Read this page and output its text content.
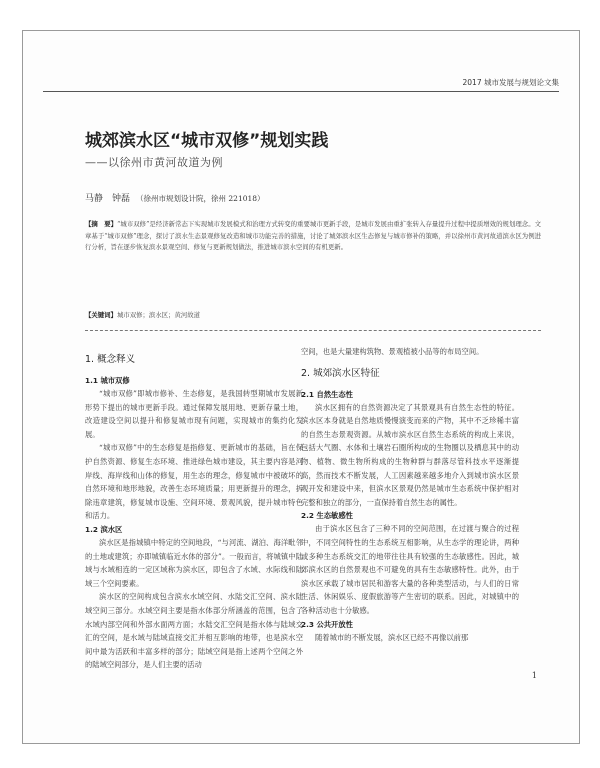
2017 城市发展与规划论文集
城郊滨水区“城市双修”规划实践
——以徐州市黄河故道为例
马静　钟磊 （徐州市规划设计院，徐州 221018）
【摘　要】“城市双修”是经济新常态下实现城市发展模式和治理方式转变的重要城市更新手段，是城市发展由重扩张转入存量提升过程中提质增效的规划理念。文章基于“城市双修”理念，探讨了滨水生态景观修复改造和城市功能完善的措施，讨论了城郊滨水区生态修复与城市修补的策略，并以徐州市黄河故道滨水区为例进行分析，旨在逐步恢复滨水景观空间、修复与更新规划做法，推进城市滨水空间的有机更新。
【关键词】城市双修；滨水区；黄河故道
1. 概念释义
1.1 城市双修

“城市双修”即城市修补、生态修复，是我国转型期城市发展新形势下提出的城市更新手段。通过保障发展用地、更新存量土地，改造建设空间以提升和修复城市现有问题，实现城市的集约化发展。

“城市双修”中的生态修复是指修复、更新城市的基础，旨在保护自然资源、修复生态环境、推进绿色城市建设，其主要内容是河岸线、海岸线和山体的修复，用生态的理念，修复城市中被破坏的自然环境和地形地貌，改善生态环境质量；用更新提升的理念，拆除违章建筑，修复城市设施、空间环境、景观风貌，提升城市特色和活力。

1.2 滨水区

滨水区是指城镇中特定的空间地段，“与河流、湖泊、海洋毗邻的土地或建筑；亦即城镇临近水体的部分”。一般而言，将城镇中陆域与水域相连的一定区域称为滨水区，即包含了水域、水际线和陆域三个空间要素。

滨水区的空间构成包含滨水水域空间、水陆交汇空间、滨水陆域空间三部分。水域空间主要是指水体部分所涵盖的范围，包含了水域内部空间和外部水面两方面；水陆交汇空间是指水体与陆域交汇的空间，是水域与陆域直接交汇并相互影响的地带，也是滨水空间中最为活跃和丰富多样的部分；陆域空间是指上述两个空间之外的陆域空间部分，是人们主要的活动

空间，也是大量建构筑物、景观植被小品等的布局空间。

2. 城郊滨水区特征
2.1 自然生态性

滨水区拥有的自然资源决定了其景观具有自然生态性的特征。滨水区本身就是自然地质慢慢演变而来的产物，其中不乏珍稀丰富的自然生态景观资源。从城市滨水区自然生态系统的构成上来说，包括大气圈、水体和土壤岩石圈所构成的生物圈以及栖息其中的动物、植物、微生物所构成的生物种群与群落尽管科技水平逐渐提高，然而技术不断发展，人工因素越来越多地介入到城市滨水区景观开发和建设中来，但滨水区景观仍然是城市生态系统中保护相对完整和独立的部分，一直保持着自然生态的属性。

2.2 生态敏感性

由于滨水区包含了三种不同的空间范围，在过渡与聚合的过程中，不同空间特性的生态系统互相影响，从生态学的理论讲，两种或多种生态系统交汇的地带往往具有较强的生态敏感性。因此，城郊滨水区的自然景观也不可避免的具有生态敏感特性。此外，由于滨水区承载了城市居民和游客大量的各种类型活动，与人们的日常生活、休闲娱乐、度假旅游等产生密切的联系。因此，对城镇中的各种活动也十分敏感。

2.3 公共开放性

随着城市的不断发展，滨水区已经不再像以前那

1
